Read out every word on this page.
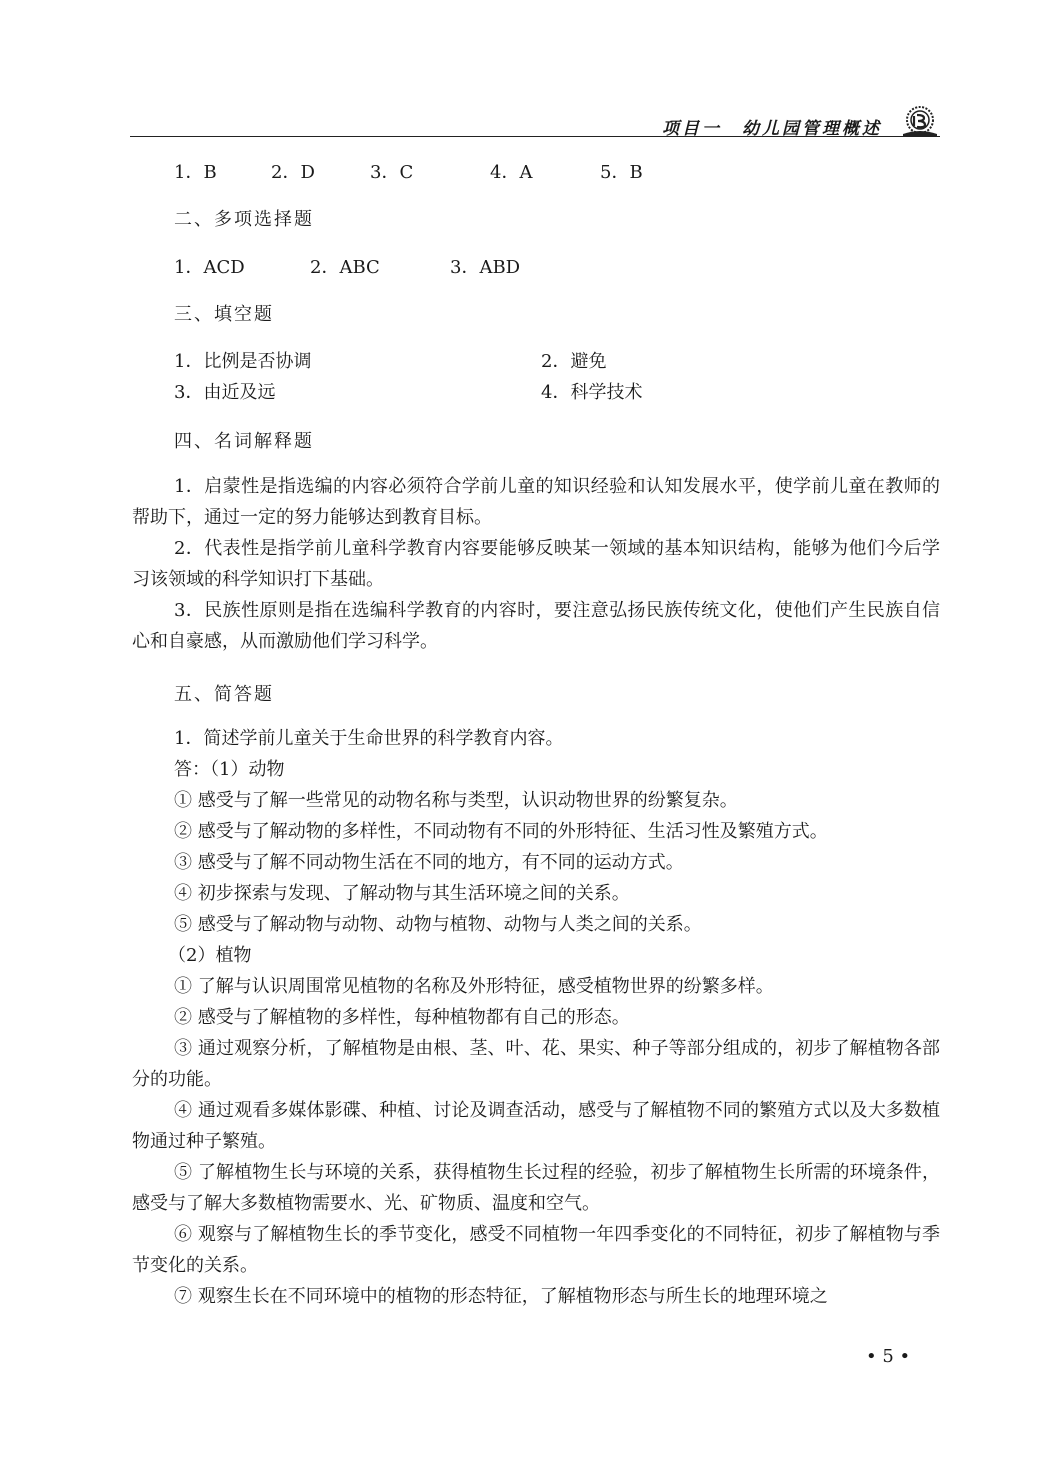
项目一　幼儿园管理概述
1．B	2．D	3．C	4．A	5．B
二、多项选择题
1．ACD	2．ABC	3．ABD
三、填空题
1．比例是否协调	2．避免
3．由近及远	4．科学技术
四、名词解释题

1．启蒙性是指选编的内容必须符合学前儿童的知识经验和认知发展水平，使学前儿童在教师的帮助下，通过一定的努力能够达到教育目标。

2．代表性是指学前儿童科学教育内容要能够反映某一领域的基本知识结构，能够为他们今后学习该领域的科学知识打下基础。

3．民族性原则是指在选编科学教育的内容时，要注意弘扬民族传统文化，使他们产生民族自信心和自豪感，从而激励他们学习科学。

五、简答题

1．简述学前儿童关于生命世界的科学教育内容。

答：（1）动物

① 感受与了解一些常见的动物名称与类型，认识动物世界的纷繁复杂。

② 感受与了解动物的多样性，不同动物有不同的外形特征、生活习性及繁殖方式。

③ 感受与了解不同动物生活在不同的地方，有不同的运动方式。

④ 初步探索与发现、了解动物与其生活环境之间的关系。

⑤ 感受与了解动物与动物、动物与植物、动物与人类之间的关系。

（2）植物

① 了解与认识周围常见植物的名称及外形特征，感受植物世界的纷繁多样。

② 感受与了解植物的多样性，每种植物都有自己的形态。

③ 通过观察分析，了解植物是由根、茎、叶、花、果实、种子等部分组成的，初步了解植物各部分的功能。

④ 通过观看多媒体影碟、种植、讨论及调查活动，感受与了解植物不同的繁殖方式以及大多数植物通过种子繁殖。

⑤ 了解植物生长与环境的关系，获得植物生长过程的经验，初步了解植物生长所需的环境条件，感受与了解大多数植物需要水、光、矿物质、温度和空气。

⑥ 观察与了解植物生长的季节变化，感受不同植物一年四季变化的不同特征，初步了解植物与季节变化的关系。

⑦ 观察生长在不同环境中的植物的形态特征，了解植物形态与所生长的地理环境之

• 5 •
